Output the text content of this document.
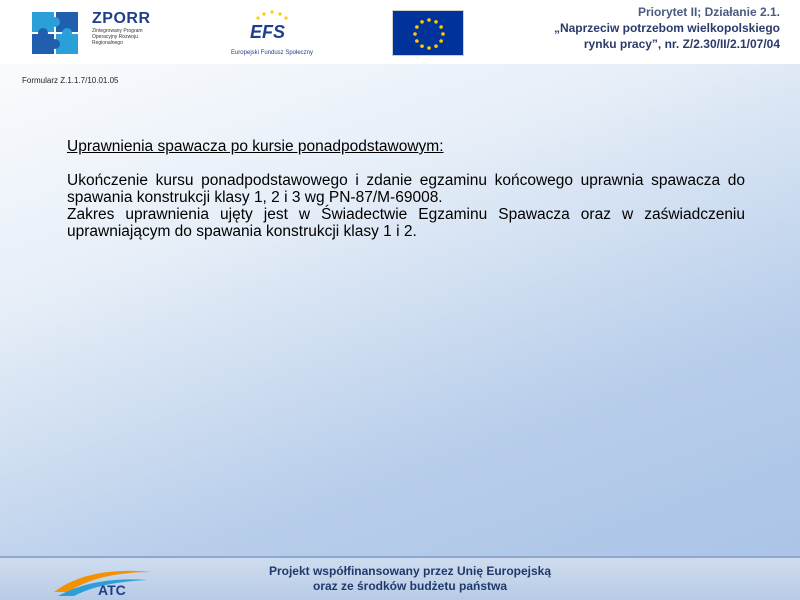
ZPORR
Zintegrowany Program Operacyjny Rozwoju Regionalnego
EFS
Europejski Fundusz Społeczny
Priorytet II; Działanie 2.1.
„Naprzeciw potrzebom wielkopolskiego
rynku pracy”, nr. Z/2.30/II/2.1/07/04
Formularz Z.1.1.7/10.01.05
Uprawnienia spawacza po kursie ponadpodstawowym:
Ukończenie kursu ponadpodstawowego i zdanie egzaminu końcowego uprawnia spawacza do spawania konstrukcji klasy 1, 2 i 3 wg PN-87/M-69008.
Zakres uprawnienia ujęty jest w Świadectwie Egzaminu Spawacza oraz w zaświadczeniu uprawniającym do spawania konstrukcji klasy 1 i 2.
ATC
Projekt współfinansowany przez Unię Europejską
oraz ze środków budżetu państwa
